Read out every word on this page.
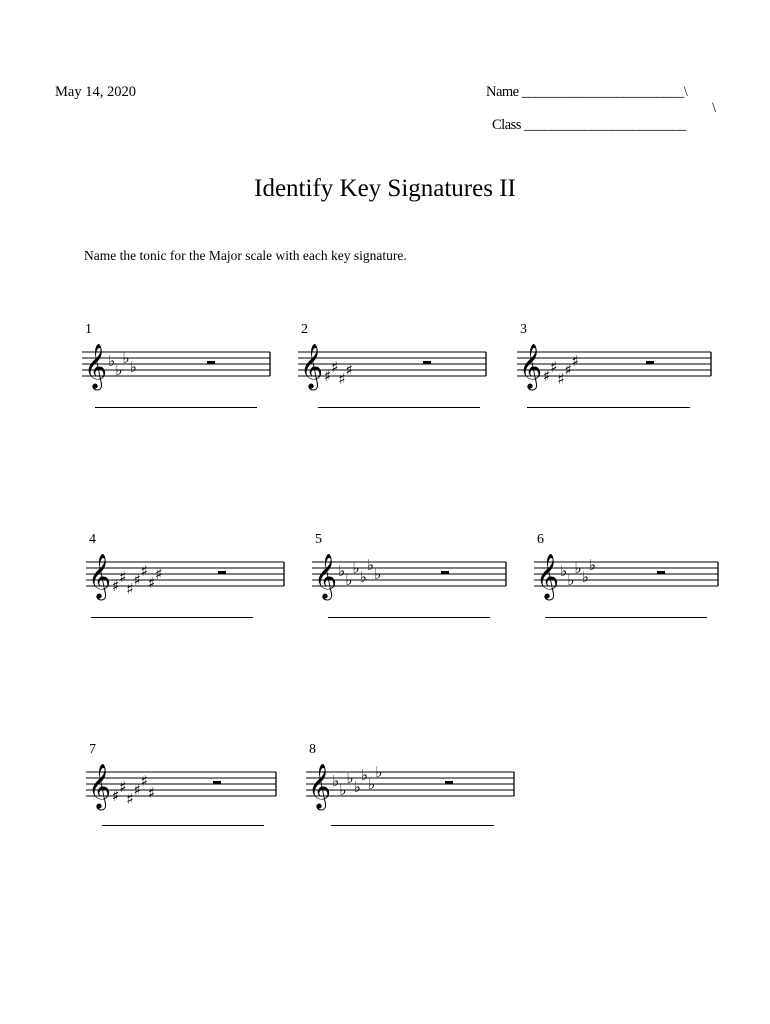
May 14, 2020	Name ________________________\
\
Class ________________________
Identify Key Signatures II
Name the tonic for the Major scale with each key signature.
1
𝄞 ♭ ♭
♭ ♭
2
𝄞 ♯ ♯
♯ ♯
3
𝄞 ♯ ♯
♯ ♯ ♯
4
𝄞 ♯ ♯
♯ ♯ ♯
♯ ♯
5
𝄞 ♭ ♭
♭ ♭
♭ ♭
6
𝄞 ♭ ♭
♭ ♭
♭
7
𝄞 ♯ ♯
♯ ♯ ♯
♯
8
𝄞 ♭ ♭
♭ ♭
♭ ♭
♭
